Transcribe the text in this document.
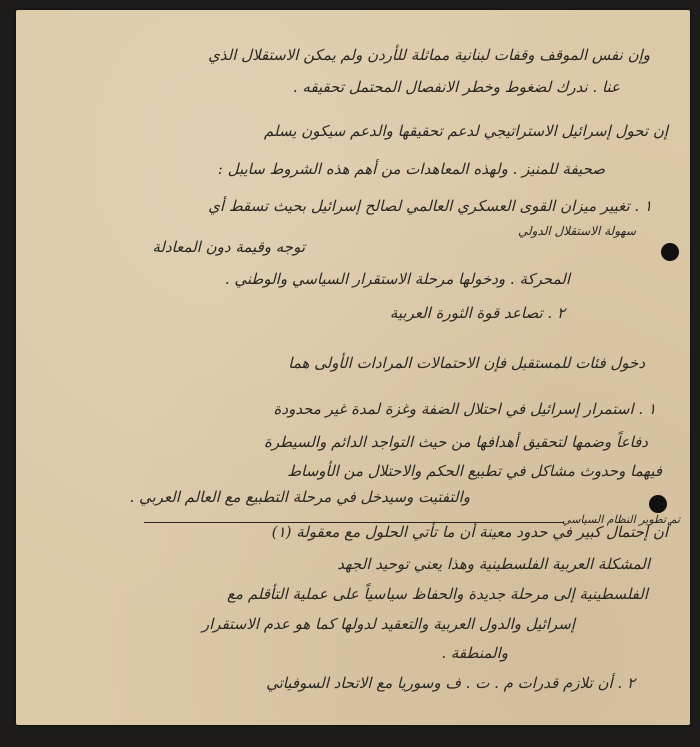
وإن نفس الموقف وقفات لبنانية مماثلة للأردن ولم يمكن الاستقلال الذي
عنا . ندرك لضغوط وخطر الانفصال المحتمل تحقيقه .
إن تحول إسرائيل الاستراتيجي لدعم تحقيقها والدعم سيكون يسلم
صحيفة للمنيز . ولهذه المعاهدات من أهم هذه الشروط سايبل :
١ . تغيير ميزان القوى العسكري العالمي لصالح إسرائيل بحيث تسقط أي
سهولة الاستقلال الدولي
توجه وقيمة دون المعادلة
المحركة . ودخولها مرحلة الاستقرار السياسي والوطني .
٢ . تصاعد قوة الثورة العربية
دخول فئات للمستقبل فإن الاحتمالات المرادات الأولى هما
١ . استمرار إسرائيل في احتلال الضفة وغزة لمدة غير محدودة
دفاعاً وضمها لتحقيق أهدافها من حيث التواجد الدائم والسيطرة
فيهما وحدوث مشاكل في تطبيع الحكم والاحتلال من الأوساط
والتفتيت وسيدخل في مرحلة التطبيع مع العالم العربي .
تم تطوير النظام السياسي
أن إحتمال كبير في حدود معينة أن ما تأتي الحلول مع معقولة (١)
المشكلة العربية الفلسطينية وهذا يعني توحيد الجهد
الفلسطينية إلى مرحلة جديدة والحفاظ سياسياً على عملية التأقلم مع
إسرائيل والدول العربية والتعقيد لدولها كما هو عدم الاستقرار
والمنطقة .
٢ . أن تلازم قدرات م . ت . ف وسوريا مع الاتحاد السوفياتي
